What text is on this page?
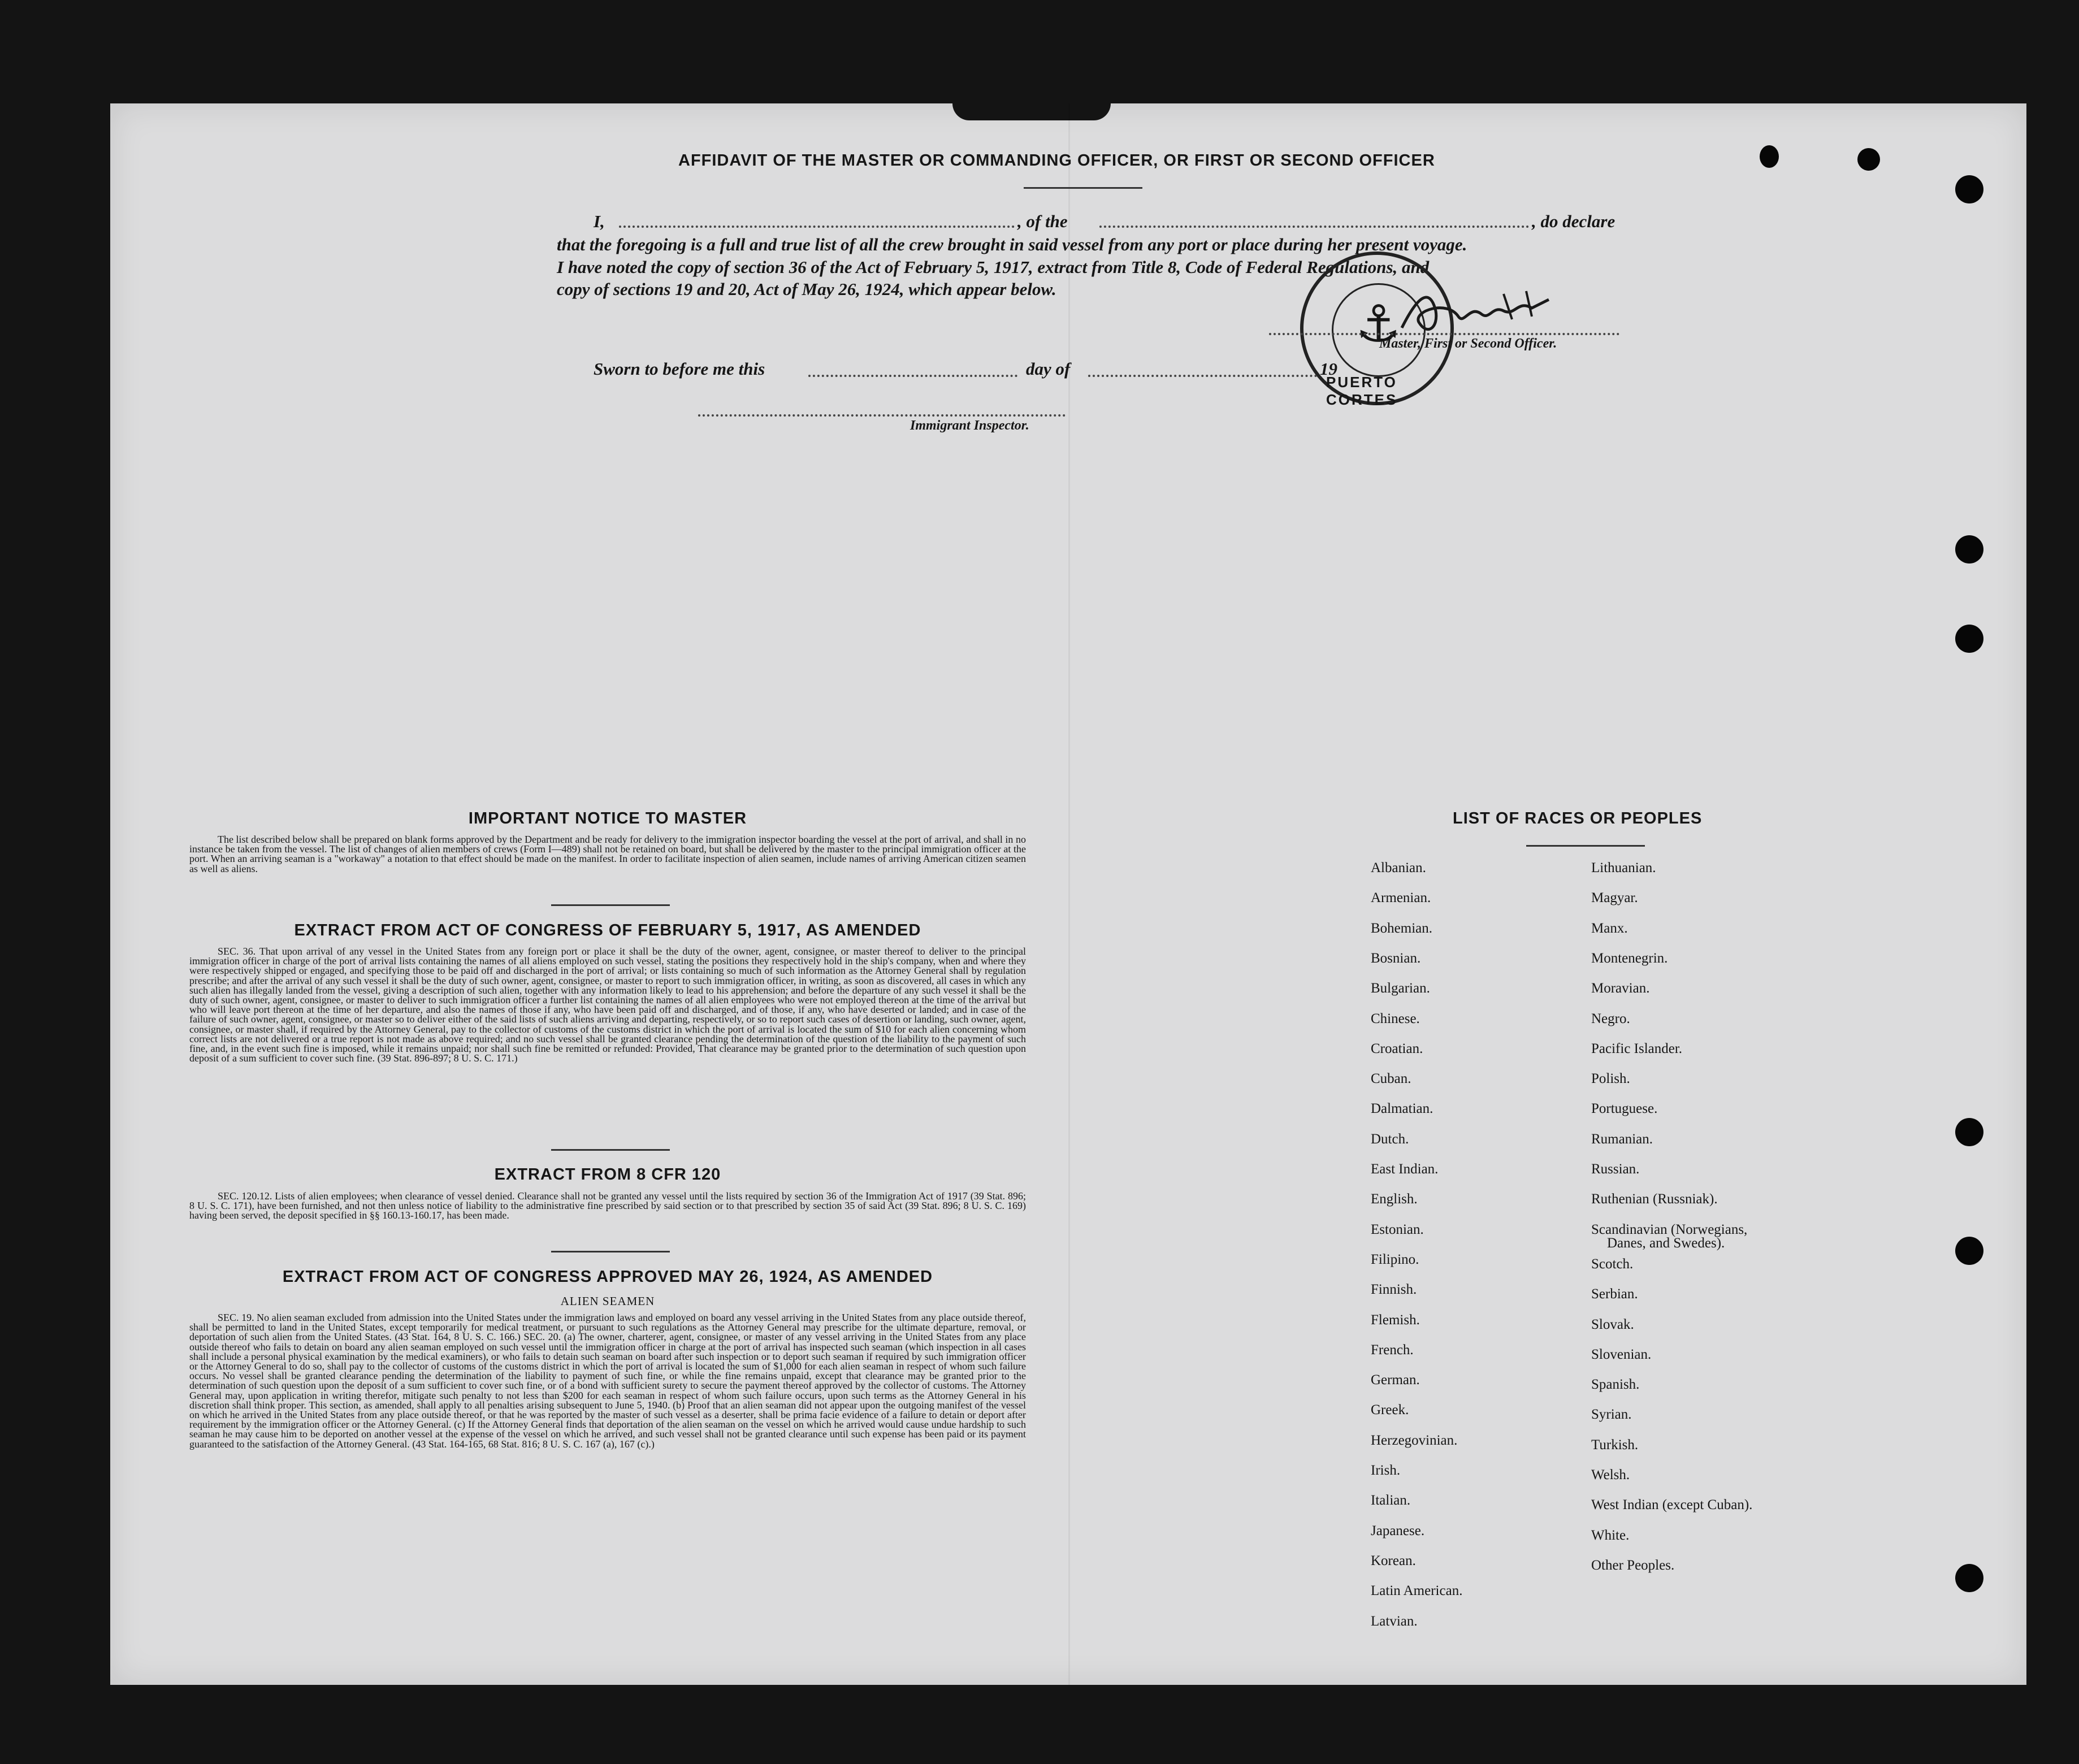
AFFIDAVIT OF THE MASTER OR COMMANDING OFFICER, OR FIRST OR SECOND OFFICER
I,	, of the	, do declare
that the foregoing is a full and true list of all the crew brought in said vessel from any port or place during her present voyage.
I have noted the copy of section 36 of the Act of February 5, 1917, extract from Title 8, Code of Federal Regulations, and
copy of sections 19 and 20, Act of May 26, 1924, which appear below.
⚓
PUERTO CORTES
Master, First or Second Officer.
Sworn to before me this	day of	19
Immigrant Inspector.
IMPORTANT NOTICE TO MASTER
The list described below shall be prepared on blank forms approved by the Department and be ready for delivery to the immigration inspector boarding the vessel at the port of arrival, and shall in no instance be taken from the vessel. The list of changes of alien members of crews (Form I—489) shall not be retained on board, but shall be delivered by the master to the principal immigration officer at the port. When an arriving seaman is a "workaway" a notation to that effect should be made on the manifest. In order to facilitate inspection of alien seamen, include names of arriving American citizen seamen as well as aliens.
EXTRACT FROM ACT OF CONGRESS OF FEBRUARY 5, 1917, AS AMENDED
SEC. 36. That upon arrival of any vessel in the United States from any foreign port or place it shall be the duty of the owner, agent, consignee, or master thereof to deliver to the principal immigration officer in charge of the port of arrival lists containing the names of all aliens employed on such vessel, stating the positions they respectively hold in the ship's company, when and where they were respectively shipped or engaged, and specifying those to be paid off and discharged in the port of arrival; or lists containing so much of such information as the Attorney General shall by regulation prescribe; and after the arrival of any such vessel it shall be the duty of such owner, agent, consignee, or master to report to such immigration officer, in writing, as soon as discovered, all cases in which any such alien has illegally landed from the vessel, giving a description of such alien, together with any information likely to lead to his apprehension; and before the departure of any such vessel it shall be the duty of such owner, agent, consignee, or master to deliver to such immigration officer a further list containing the names of all alien employees who were not employed thereon at the time of the arrival but who will leave port thereon at the time of her departure, and also the names of those if any, who have been paid off and discharged, and of those, if any, who have deserted or landed; and in case of the failure of such owner, agent, consignee, or master so to deliver either of the said lists of such aliens arriving and departing, respectively, or so to report such cases of desertion or landing, such owner, agent, consignee, or master shall, if required by the Attorney General, pay to the collector of customs of the customs district in which the port of arrival is located the sum of $10 for each alien concerning whom correct lists are not delivered or a true report is not made as above required; and no such vessel shall be granted clearance pending the determination of the question of the liability to the payment of such fine, and, in the event such fine is imposed, while it remains unpaid; nor shall such fine be remitted or refunded: Provided, That clearance may be granted prior to the determination of such question upon deposit of a sum sufficient to cover such fine. (39 Stat. 896-897; 8 U. S. C. 171.)
EXTRACT FROM 8 CFR 120
SEC. 120.12. Lists of alien employees; when clearance of vessel denied. Clearance shall not be granted any vessel until the lists required by section 36 of the Immigration Act of 1917 (39 Stat. 896; 8 U. S. C. 171), have been furnished, and not then unless notice of liability to the administrative fine prescribed by said section or to that prescribed by section 35 of said Act (39 Stat. 896; 8 U. S. C. 169) having been served, the deposit specified in §§ 160.13-160.17, has been made.
EXTRACT FROM ACT OF CONGRESS APPROVED MAY 26, 1924, AS AMENDED
ALIEN SEAMEN
SEC. 19. No alien seaman excluded from admission into the United States under the immigration laws and employed on board any vessel arriving in the United States from any place outside thereof, shall be permitted to land in the United States, except temporarily for medical treatment, or pursuant to such regulations as the Attorney General may prescribe for the ultimate departure, removal, or deportation of such alien from the United States. (43 Stat. 164, 8 U. S. C. 166.) SEC. 20. (a) The owner, charterer, agent, consignee, or master of any vessel arriving in the United States from any place outside thereof who fails to detain on board any alien seaman employed on such vessel until the immigration officer in charge at the port of arrival has inspected such seaman (which inspection in all cases shall include a personal physical examination by the medical examiners), or who fails to detain such seaman on board after such inspection or to deport such seaman if required by such immigration officer or the Attorney General to do so, shall pay to the collector of customs of the customs district in which the port of arrival is located the sum of $1,000 for each alien seaman in respect of whom such failure occurs. No vessel shall be granted clearance pending the determination of the liability to payment of such fine, or while the fine remains unpaid, except that clearance may be granted prior to the determination of such question upon the deposit of a sum sufficient to cover such fine, or of a bond with sufficient surety to secure the payment thereof approved by the collector of customs. The Attorney General may, upon application in writing therefor, mitigate such penalty to not less than $200 for each seaman in respect of whom such failure occurs, upon such terms as the Attorney General in his discretion shall think proper. This section, as amended, shall apply to all penalties arising subsequent to June 5, 1940. (b) Proof that an alien seaman did not appear upon the outgoing manifest of the vessel on which he arrived in the United States from any place outside thereof, or that he was reported by the master of such vessel as a deserter, shall be prima facie evidence of a failure to detain or deport after requirement by the immigration officer or the Attorney General. (c) If the Attorney General finds that deportation of the alien seaman on the vessel on which he arrived would cause undue hardship to such seaman he may cause him to be deported on another vessel at the expense of the vessel on which he arrived, and such vessel shall not be granted clearance until such expense has been paid or its payment guaranteed to the satisfaction of the Attorney General. (43 Stat. 164-165, 68 Stat. 816; 8 U. S. C. 167 (a), 167 (c).)
LIST OF RACES OR PEOPLES
Albanian.
Armenian.
Bohemian.
Bosnian.
Bulgarian.
Chinese.
Croatian.
Cuban.
Dalmatian.
Dutch.
East Indian.
English.
Estonian.
Filipino.
Finnish.
Flemish.
French.
German.
Greek.
Herzegovinian.
Irish.
Italian.
Japanese.
Korean.
Latin American.
Latvian.
Lithuanian.
Magyar.
Manx.
Montenegrin.
Moravian.
Negro.
Pacific Islander.
Polish.
Portuguese.
Rumanian.
Russian.
Ruthenian (Russniak).
Scandinavian (Norwegians,
Danes, and Swedes).
Scotch.
Serbian.
Slovak.
Slovenian.
Spanish.
Syrian.
Turkish.
Welsh.
West Indian (except Cuban).
White.
Other Peoples.
